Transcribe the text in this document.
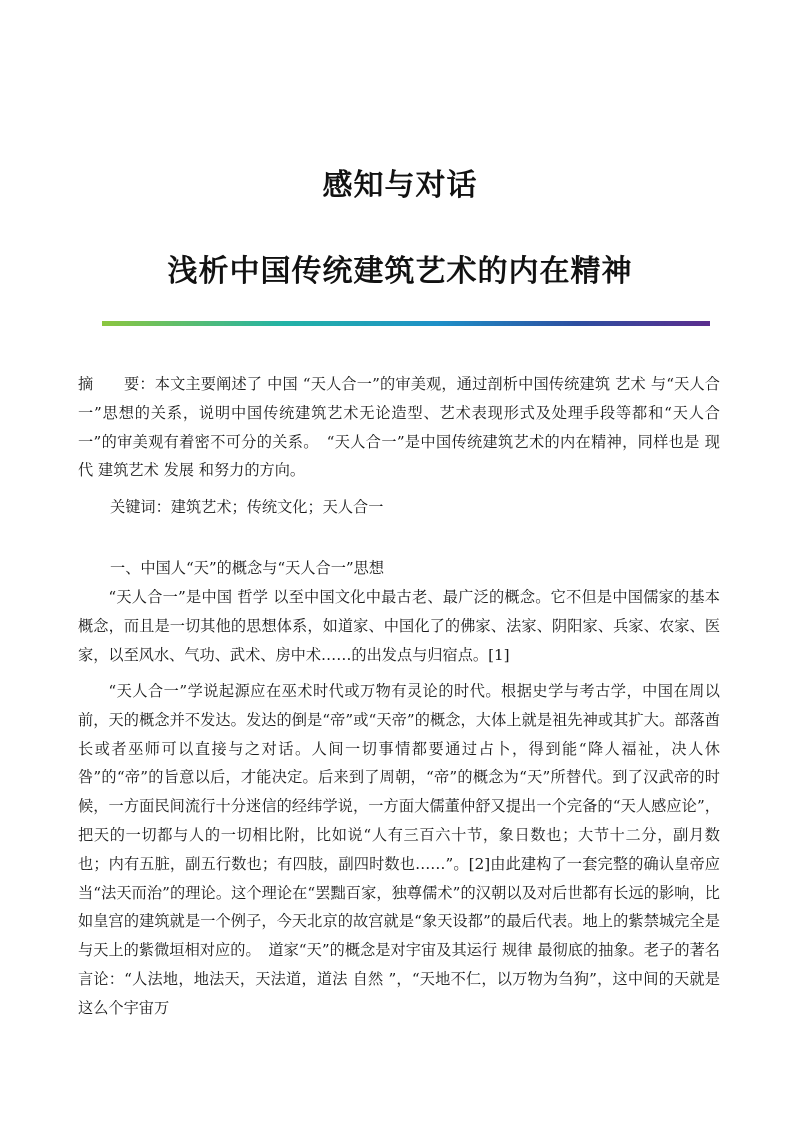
感知与对话
浅析中国传统建筑艺术的内在精神

摘　　要：本文主要阐述了 中国 “天人合一”的审美观，通过剖析中国传统建筑 艺术 与“天人合一”思想的关系，说明中国传统建筑艺术无论造型、艺术表现形式及处理手段等都和“天人合一”的审美观有着密不可分的关系。　“天人合一”是中国传统建筑艺术的内在精神，同样也是 现代 建筑艺术 发展 和努力的方向。

关键词：建筑艺术；传统文化；天人合一

一、中国人“天”的概念与“天人合一”思想

“天人合一”是中国 哲学 以至中国文化中最古老、最广泛的概念。它不但是中国儒家的基本概念，而且是一切其他的思想体系，如道家、中国化了的佛家、法家、阴阳家、兵家、农家、医家，以至风水、气功、武术、房中术……的出发点与归宿点。[1]

“天人合一”学说起源应在巫术时代或万物有灵论的时代。根据史学与考古学，中国在周以前，天的概念并不发达。发达的倒是“帝”或“天帝”的概念，大体上就是祖先神或其扩大。部落酋长或者巫师可以直接与之对话。人间一切事情都要通过占卜，得到能“降人福祉，决人休咎”的“帝”的旨意以后，才能决定。后来到了周朝，“帝”的概念为“天”所替代。到了汉武帝的时候，一方面民间流行十分迷信的经纬学说，一方面大儒董仲舒又提出一个完备的“天人感应论”，把天的一切都与人的一切相比附，比如说“人有三百六十节，象日数也；大节十二分，副月数也；内有五脏，副五行数也；有四肢，副四时数也……”。[2]由此建构了一套完整的确认皇帝应当“法天而治”的理论。这个理论在“罢黜百家，独尊儒术”的汉朝以及对后世都有长远的影响，比如皇宫的建筑就是一个例子，今天北京的故宫就是“象天设都”的最后代表。地上的紫禁城完全是与天上的紫微垣相对应的。　道家“天”的概念是对宇宙及其运行 规律 最彻底的抽象。老子的著名言论：“人法地，地法天，天法道，道法 自然 ”，“天地不仁，以万物为刍狗”，这中间的天就是这么个宇宙万
